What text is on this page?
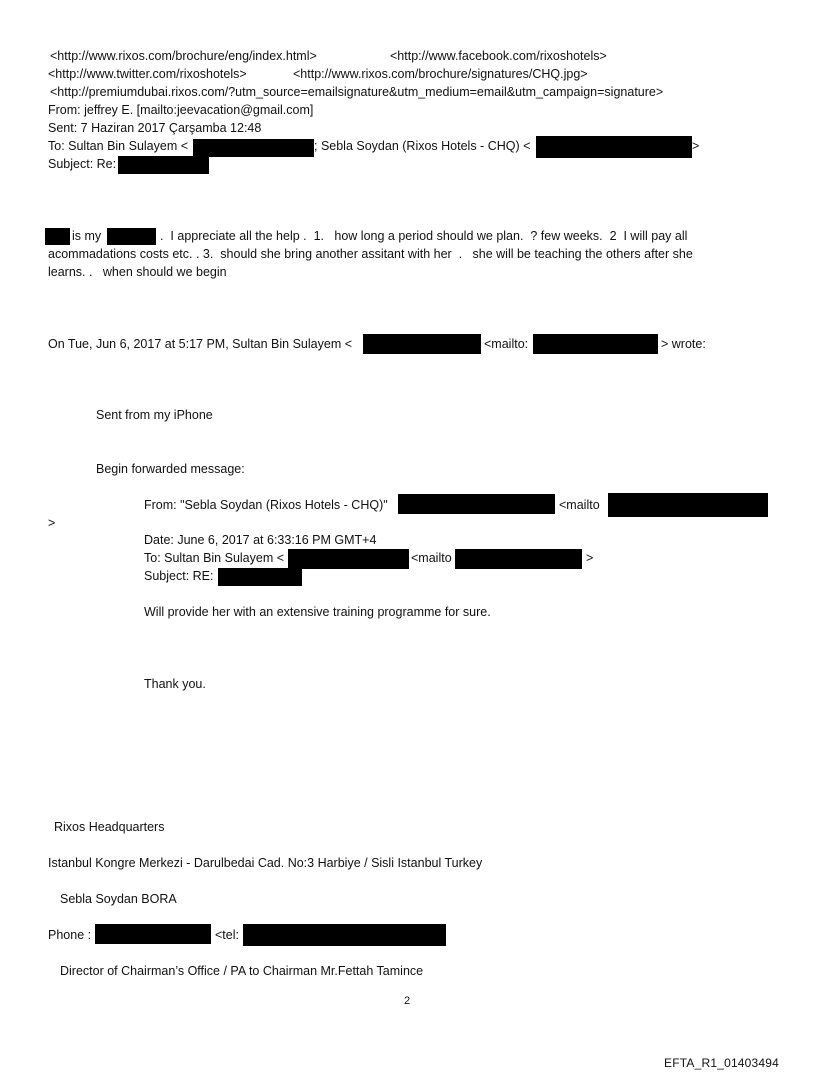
<http://www.rixos.com/brochure/eng/index.html>	<http://www.facebook.com/rixoshotels>
<http://www.twitter.com/rixoshotels>	<http://www.rixos.com/brochure/signatures/CHQ.jpg>
<http://premiumdubai.rixos.com/?utm_source=emailsignature&utm_medium=email&utm_campaign=signature>
From: jeffrey E. [mailto:jeevacation@gmail.com]
Sent: 7 Haziran 2017 Çarşamba 12:48
To: Sultan Bin Sulayem <	; Sebla Soydan (Rixos Hotels - CHQ) <	>
Subject: Re:
is my	.  I appreciate all the help .  1.   how long a period should we plan.  ? few weeks.  2  I will pay all
acommadations costs etc. . 3.  should she bring another assitant with her  .   she will be teaching the others after she
learns. .   when should we begin
On Tue, Jun 6, 2017 at 5:17 PM, Sultan Bin Sulayem <	<mailto:	> wrote:
Sent from my iPhone
Begin forwarded message:
From: "Sebla Soydan (Rixos Hotels - CHQ)"	<mailto
>
Date: June 6, 2017 at 6:33:16 PM GMT+4
To: Sultan Bin Sulayem <	<mailto	>
Subject: RE:
Will provide her with an extensive training programme for sure.
Thank you.
Rixos Headquarters
Istanbul Kongre Merkezi - Darulbedai Cad. No:3 Harbiye / Sisli Istanbul Turkey
Sebla Soydan BORA
Phone :	<tel:
Director of Chairman’s Office / PA to Chairman Mr.Fettah Tamince
2
EFTA_R1_01403494
